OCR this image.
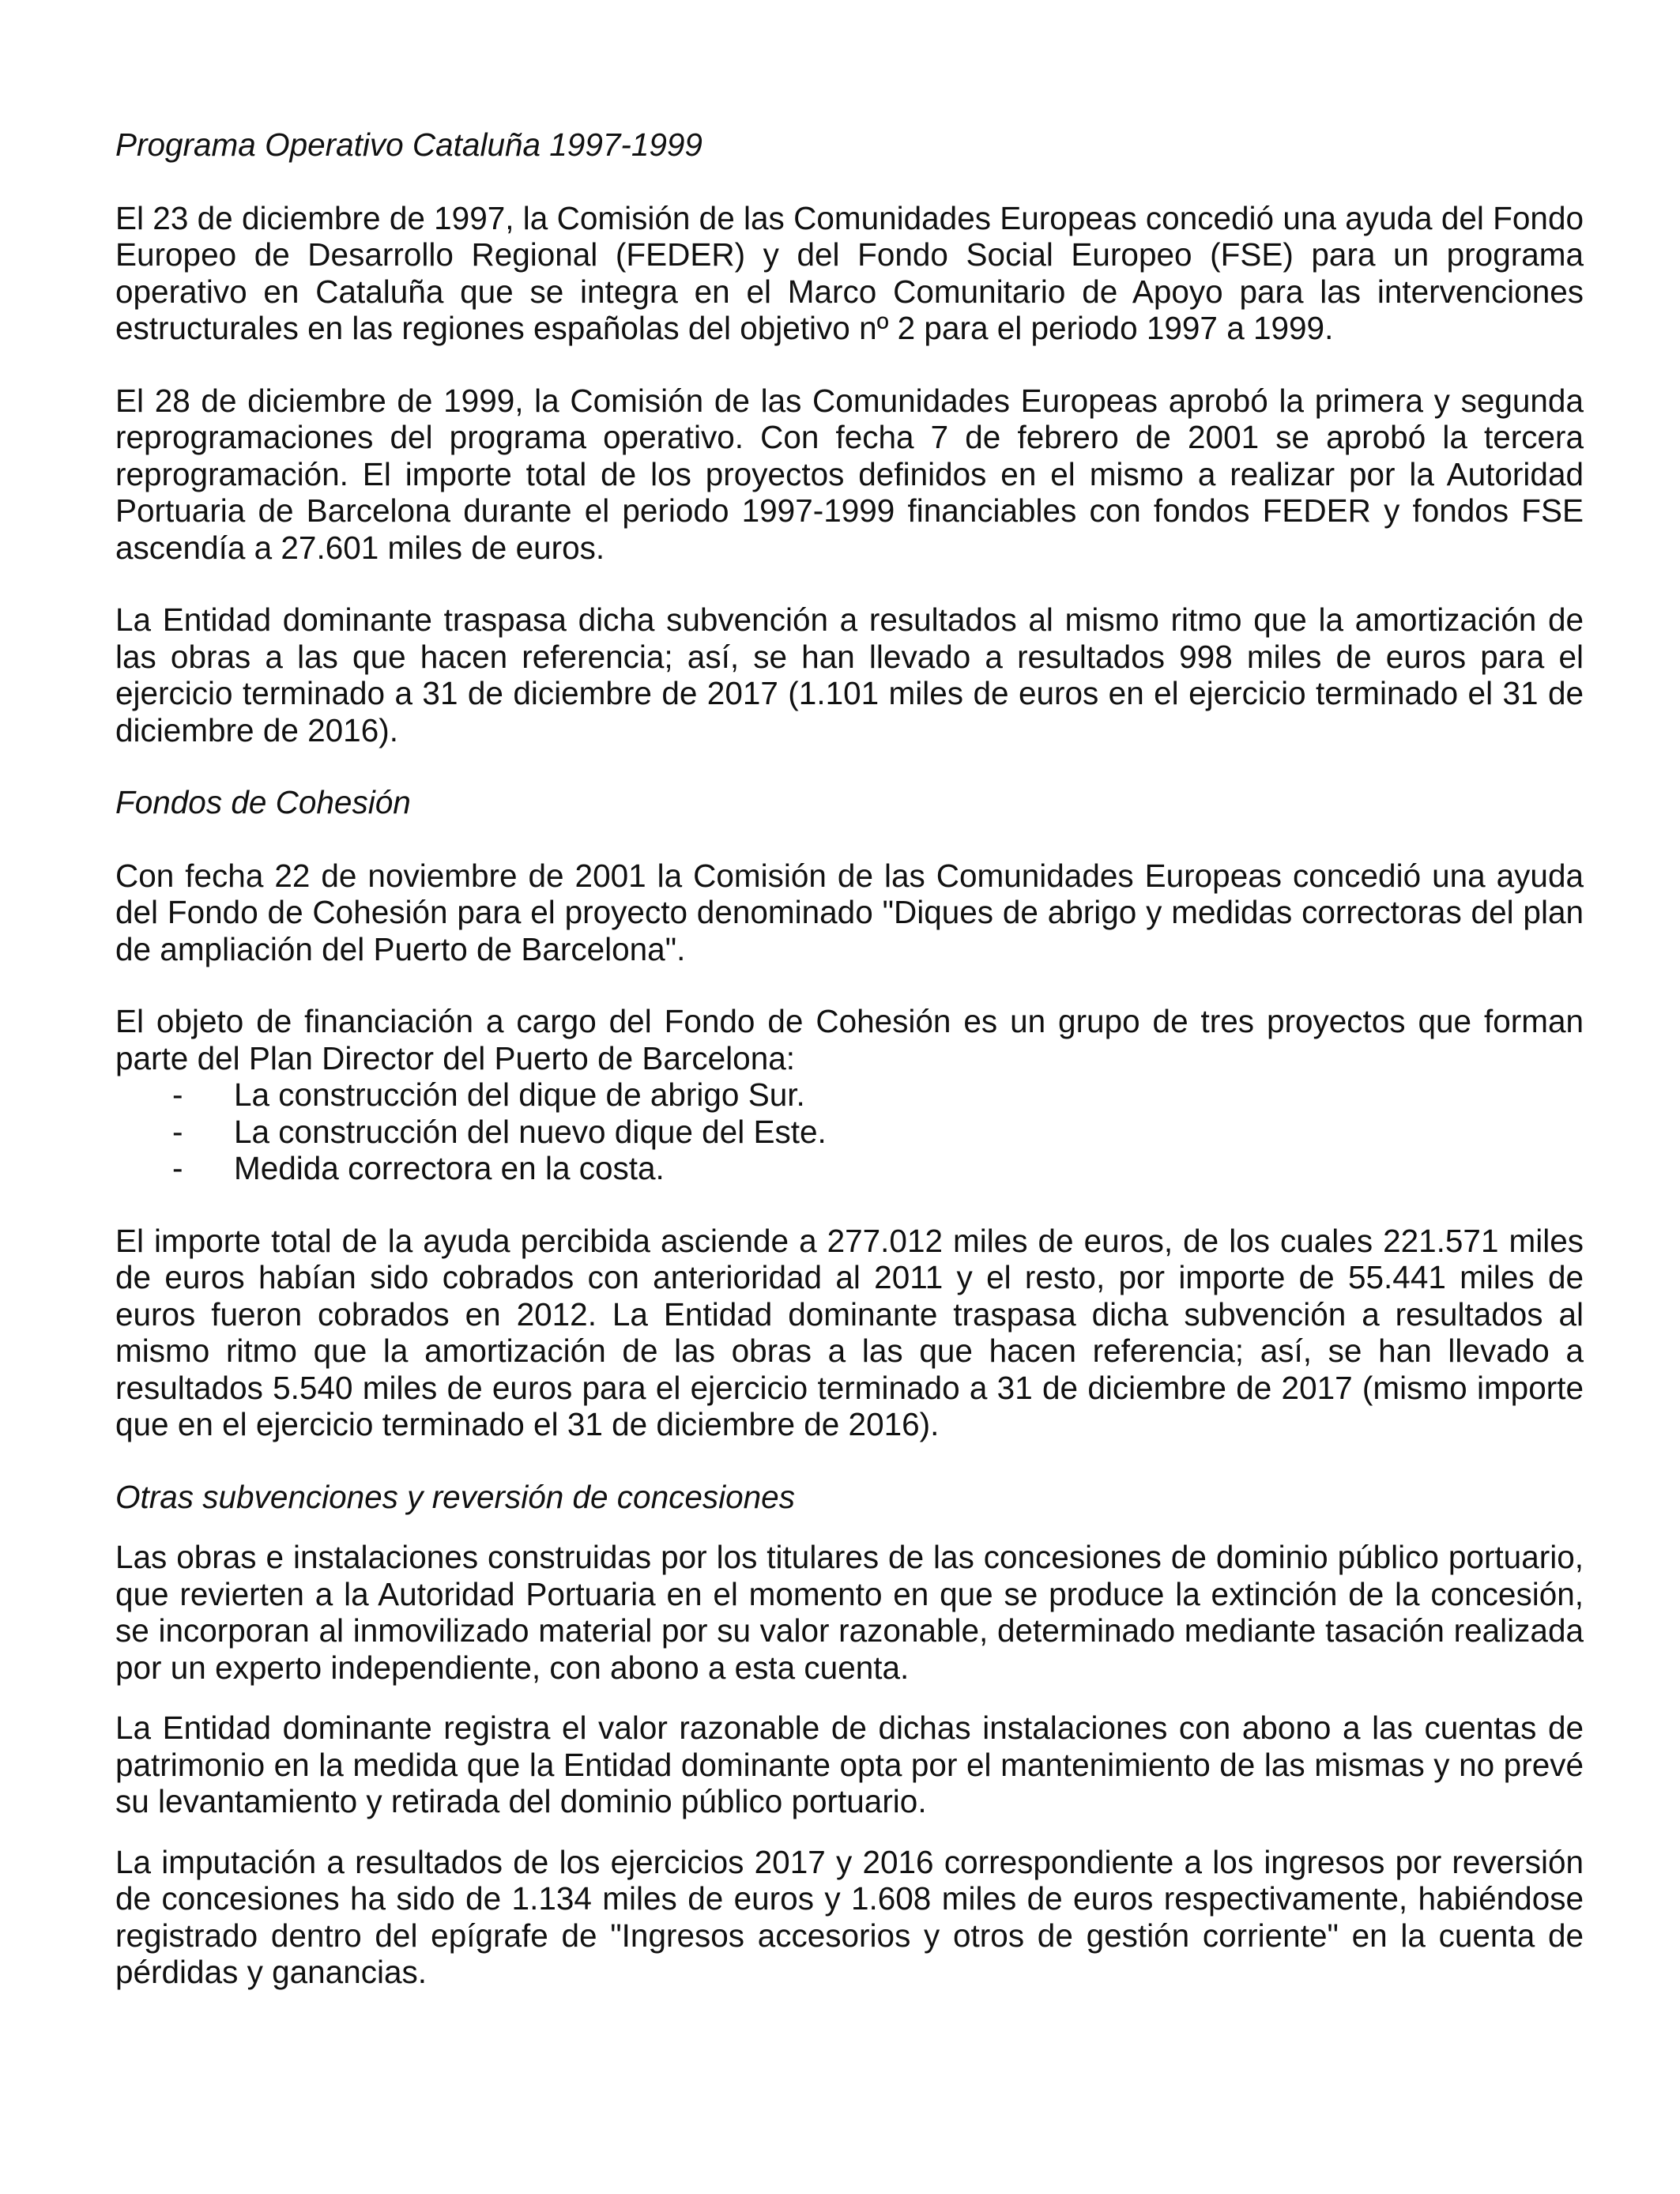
Programa Operativo Cataluña 1997-1999

El 23 de diciembre de 1997, la Comisión de las Comunidades Europeas concedió una ayuda del Fondo Europeo de Desarrollo Regional (FEDER) y del Fondo Social Europeo (FSE) para un programa operativo en Cataluña que se integra en el Marco Comunitario de Apoyo para las intervenciones estructurales en las regiones españolas del objetivo nº 2 para el periodo 1997 a 1999.

El 28 de diciembre de 1999, la Comisión de las Comunidades Europeas aprobó la primera y segunda reprogramaciones del programa operativo. Con fecha 7 de febrero de 2001 se aprobó la tercera reprogramación. El importe total de los proyectos definidos en el mismo a realizar por la Autoridad Portuaria de Barcelona durante el periodo 1997-1999 financiables con fondos FEDER y fondos FSE ascendía a 27.601 miles de euros.

La Entidad dominante traspasa dicha subvención a resultados al mismo ritmo que la amortización de las obras a las que hacen referencia; así, se han llevado a resultados 998 miles de euros para el ejercicio terminado a 31 de diciembre de 2017 (1.101 miles de euros en el ejercicio terminado el 31 de diciembre de 2016).

Fondos de Cohesión

Con fecha 22 de noviembre de 2001 la Comisión de las Comunidades Europeas concedió una ayuda del Fondo de Cohesión para el proyecto denominado "Diques de abrigo y medidas correctoras del plan de ampliación del Puerto de Barcelona".

El objeto de financiación a cargo del Fondo de Cohesión es un grupo de tres proyectos que forman parte del Plan Director del Puerto de Barcelona:

- La construcción del dique de abrigo Sur.
- La construcción del nuevo dique del Este.
- Medida correctora en la costa.

El importe total de la ayuda percibida asciende a 277.012 miles de euros, de los cuales 221.571 miles de euros habían sido cobrados con anterioridad al 2011 y el resto, por importe de 55.441 miles de euros fueron cobrados en 2012. La Entidad dominante traspasa dicha subvención a resultados al mismo ritmo que la amortización de las obras a las que hacen referencia; así, se han llevado a resultados 5.540 miles de euros para el ejercicio terminado a 31 de diciembre de 2017 (mismo importe que en el ejercicio terminado el 31 de diciembre de 2016).

Otras subvenciones y reversión de concesiones

Las obras e instalaciones construidas por los titulares de las concesiones de dominio público portuario, que revierten a la Autoridad Portuaria en el momento en que se produce la extinción de la concesión, se incorporan al inmovilizado material por su valor razonable, determinado mediante tasación realizada por un experto independiente, con abono a esta cuenta.

La Entidad dominante registra el valor razonable de dichas instalaciones con abono a las cuentas de patrimonio en la medida que la Entidad dominante opta por el mantenimiento de las mismas y no prevé su levantamiento y retirada del dominio público portuario.

La imputación a resultados de los ejercicios 2017 y 2016 correspondiente a los ingresos por reversión de concesiones ha sido de 1.134 miles de euros y 1.608 miles de euros respectivamente, habiéndose registrado dentro del epígrafe de "Ingresos accesorios y otros de gestión corriente" en la cuenta de pérdidas y ganancias.
